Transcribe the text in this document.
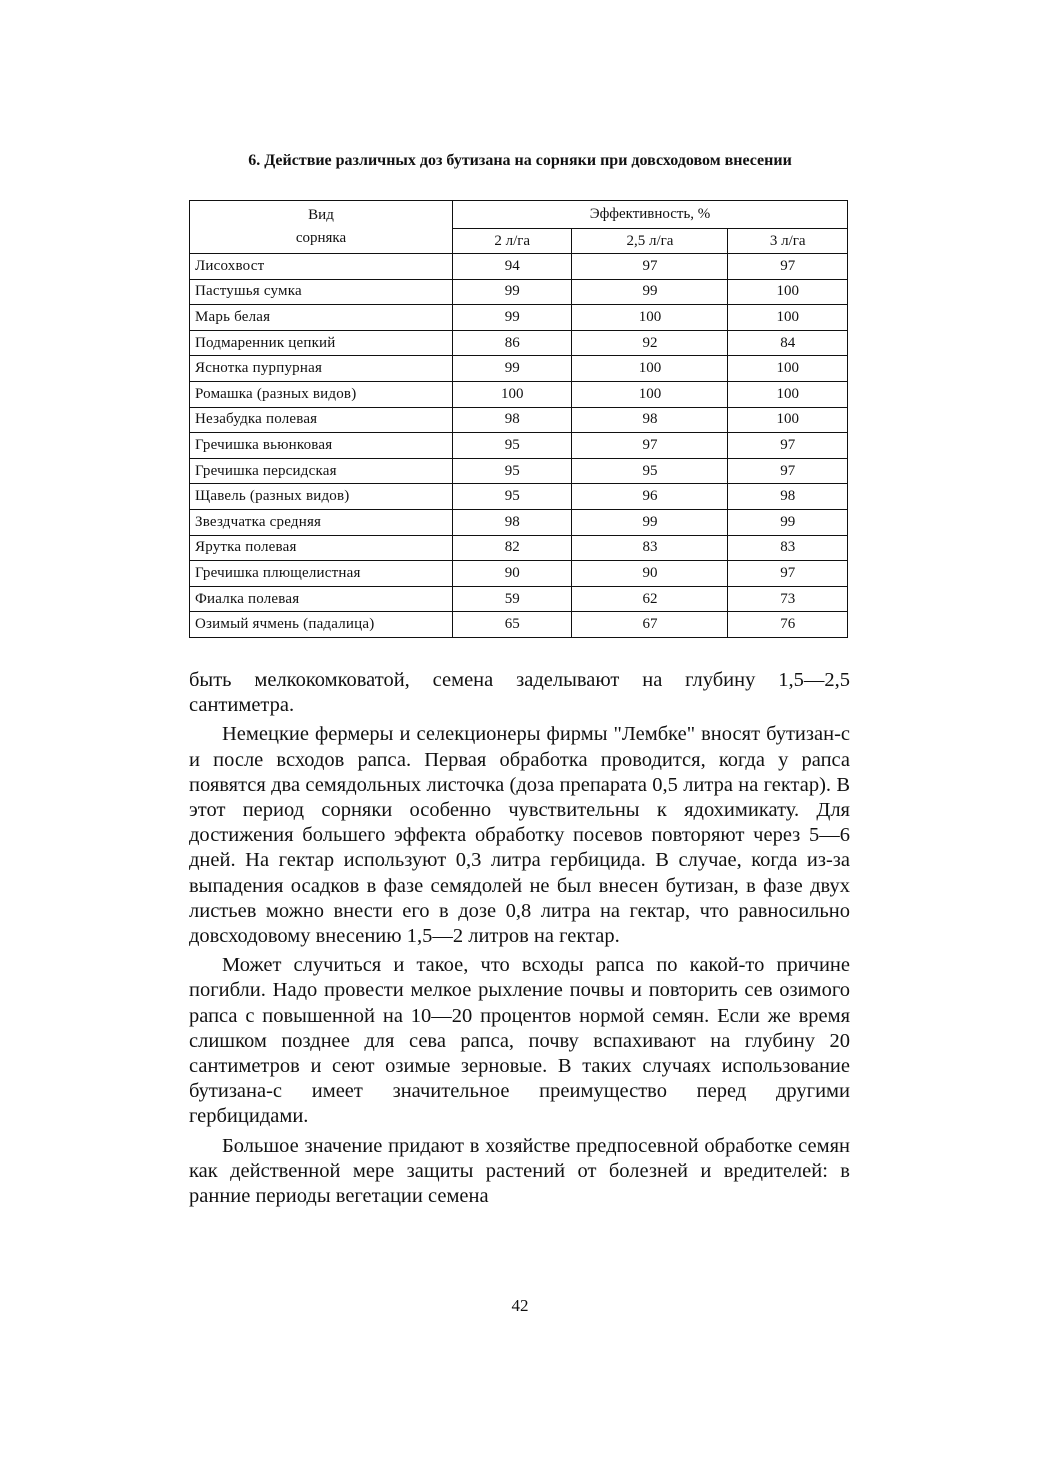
6. Действие различных доз бутизана на сорняки при довсходовом внесении
Вид
сорняка	Эффективность, %		
	2 л/га	2,5 л/га	3 л/га
Лисохвост	94	97	97
Пастушья сумка	99	99	100
Марь белая	99	100	100
Подмаренник цепкий	86	92	84
Яснотка пурпурная	99	100	100
Ромашка (разных видов)	100	100	100
Незабудка полевая	98	98	100
Гречишка вьюнковая	95	97	97
Гречишка персидская	95	95	97
Щавель (разных видов)	95	96	98
Звездчатка средняя	98	99	99
Ярутка полевая	82	83	83
Гречишка плющелистная	90	90	97
Фиалка полевая	59	62	73
Озимый ячмень (падалица)	65	67	76

быть мелкокомковатой, семена заделывают на глубину 1,5—2,5 сантиметра.

Немецкие фермеры и селекционеры фирмы "Лембке" вносят бутизан-с и после всходов рапса. Первая обработка проводится, когда у рапса появятся два семядольных листочка (доза препарата 0,5 литра на гектар). В этот период сорняки особенно чувствительны к ядохимикату. Для достижения большего эффекта обработку посевов повторяют через 5—6 дней. На гектар используют 0,3 литра гербицида. В случае, когда из-за выпадения осадков в фазе семядолей не был внесен бутизан, в фазе двух листьев можно внести его в дозе 0,8 литра на гектар, что равносильно довсходовому внесению 1,5—2 литров на гектар.

Может случиться и такое, что всходы рапса по какой-то причине погибли. Надо провести мелкое рыхление почвы и повторить сев озимого рапса с повышенной на 10—20 процентов нормой семян. Если же время слишком позднее для сева рапса, почву вспахивают на глубину 20 сантиметров и сеют озимые зерновые. В таких случаях использование бутизана-с имеет значительное преимущество перед другими гербицидами.

Большое значение придают в хозяйстве предпосевной обработке семян как действенной мере защиты растений от болезней и вредителей: в ранние периоды вегетации семена

42
